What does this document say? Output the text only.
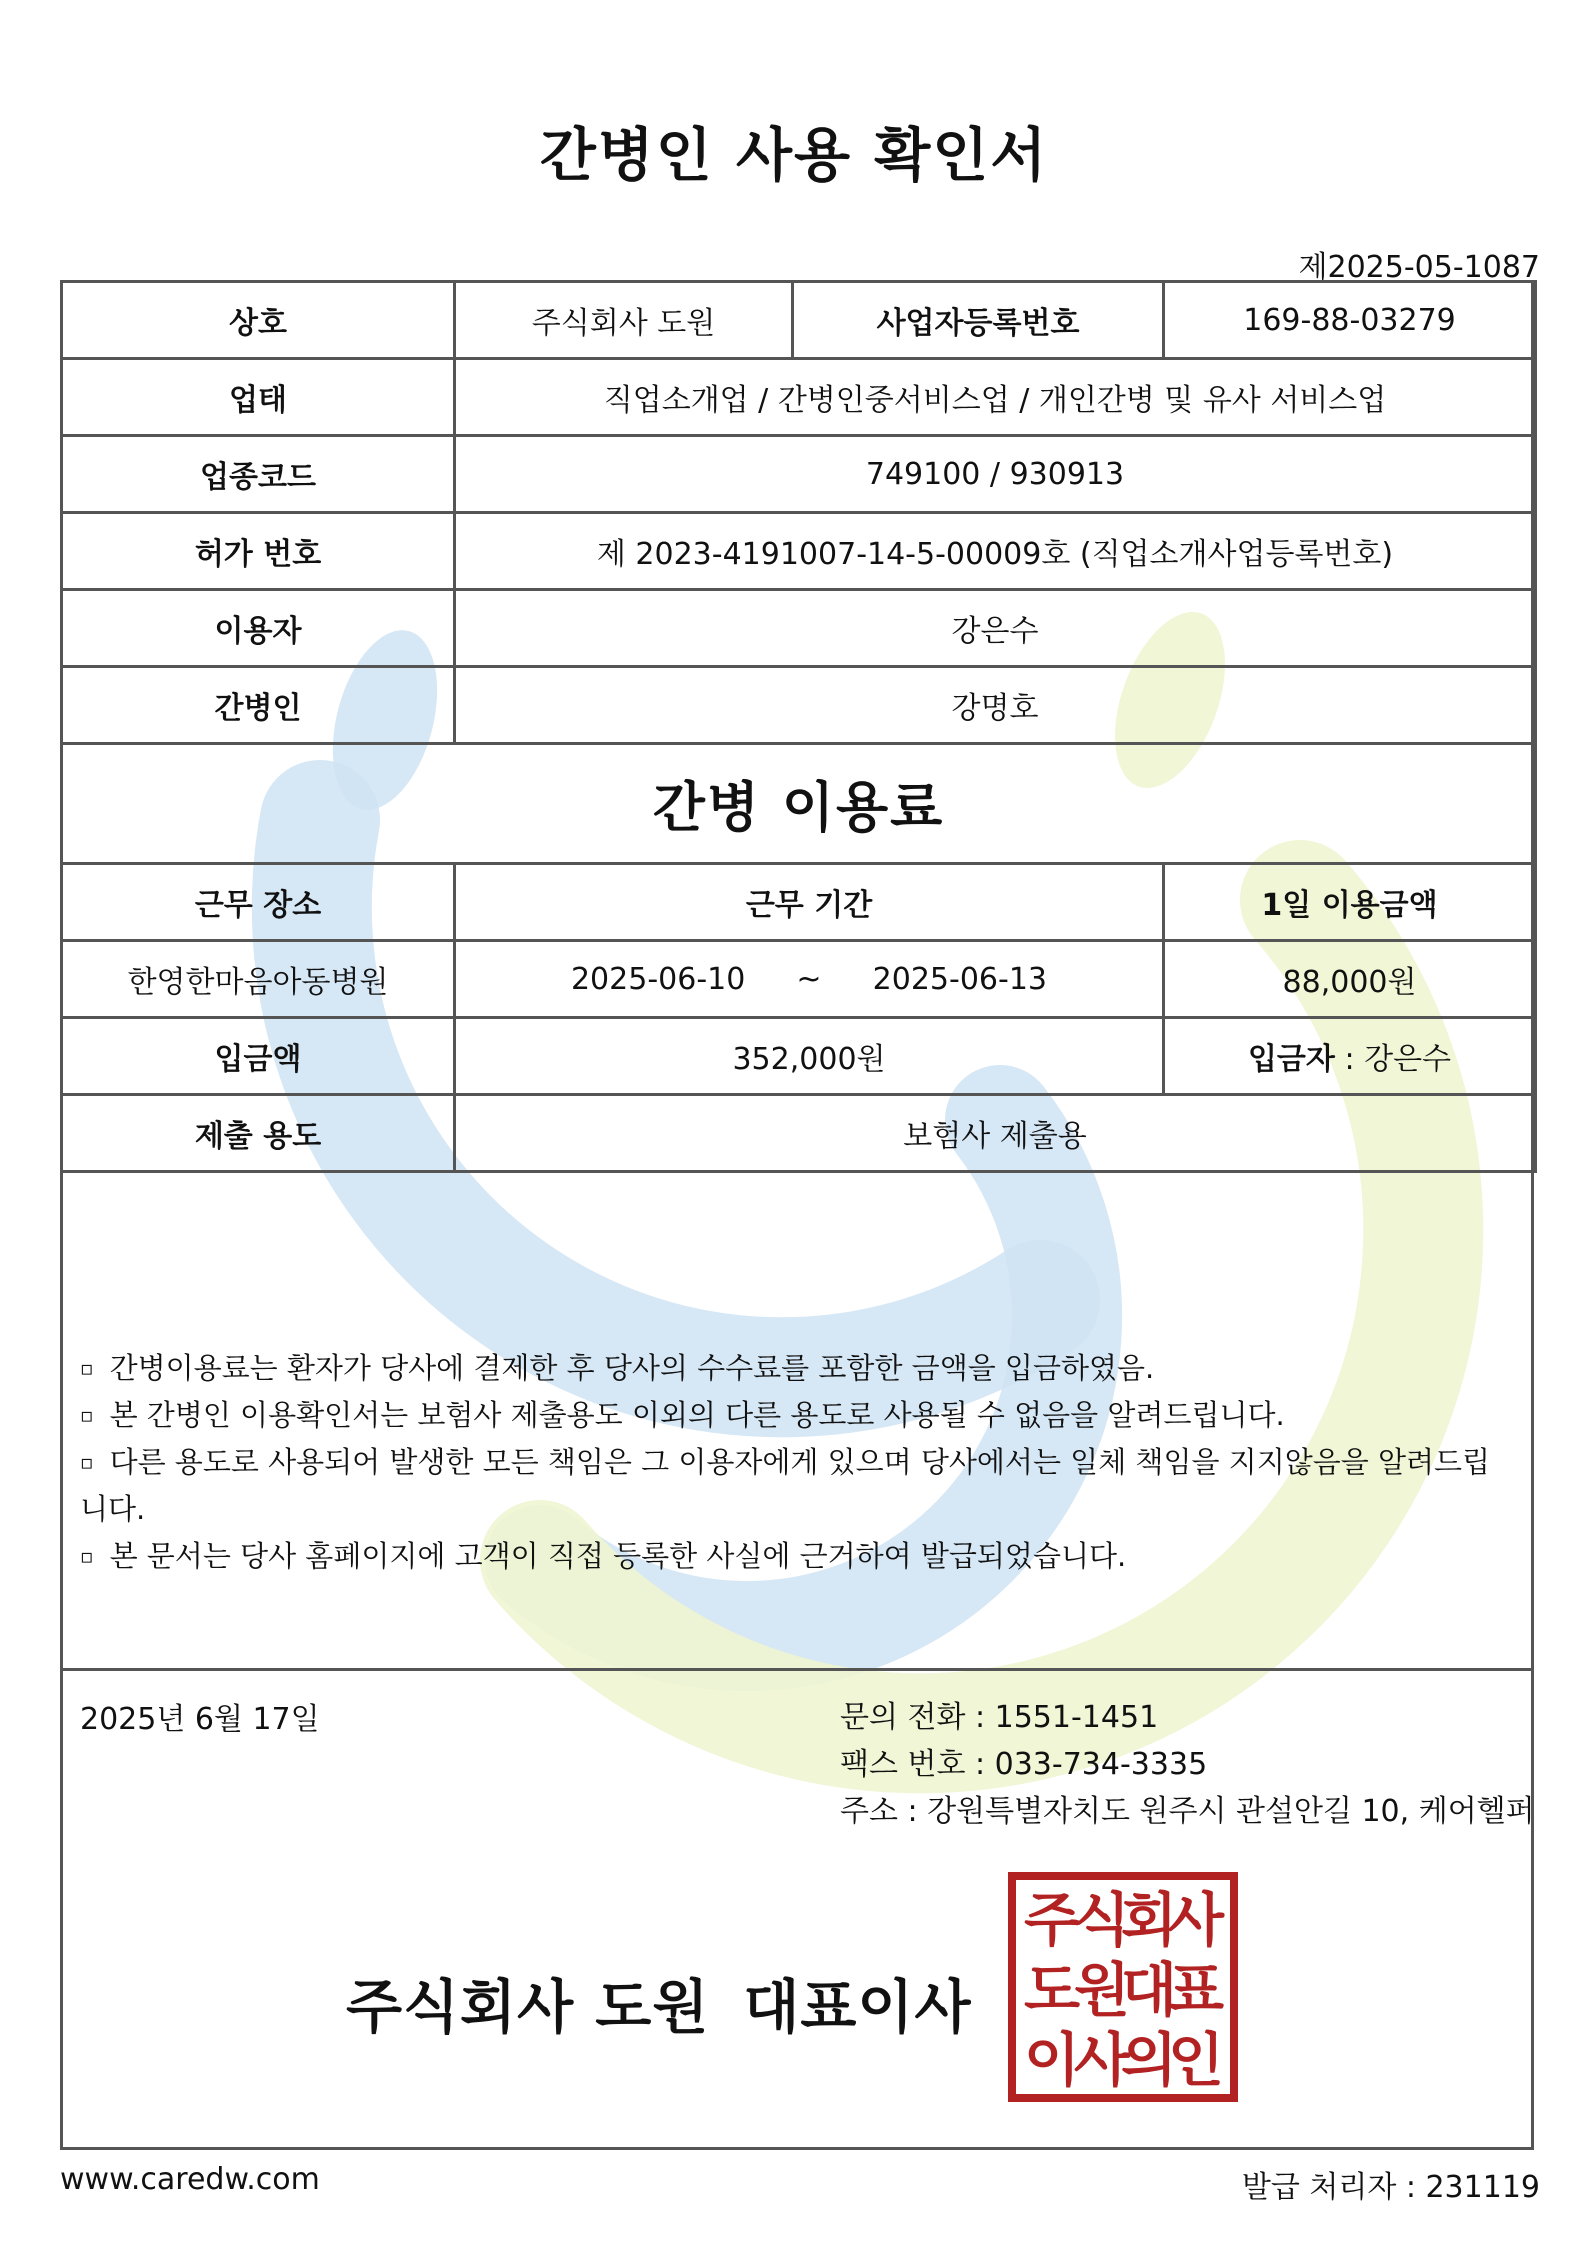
간병인 사용 확인서
제2025-05-1087
상호	주식회사 도원	사업자등록번호	169-88-03279
업태	직업소개업 / 간병인중서비스업 / 개인간병 및 유사 서비스업		
업종코드	749100 / 930913		
허가 번호	제 2023-4191007-14-5-00009호 (직업소개사업등록번호)		
이용자	강은수		
간병인	강명호		
간병 이용료			
근무 장소	근무 기간		1일 이용금액
한영한마음아동병원	2025-06-10 ~ 2025-06-13		88,000원
입금액	352,000원		입금자 : 강은수
제출 용도	보험사 제출용		

▫ 간병이용료는 환자가 당사에 결제한 후 당사의 수수료를 포함한 금액을 입금하였음.

▫ 본 간병인 이용확인서는 보험사 제출용도 이외의 다른 용도로 사용될 수 없음을 알려드립니다.

▫ 다른 용도로 사용되어 발생한 모든 책임은 그 이용자에게 있으며 당사에서는 일체 책임을 지지않음을 알려드립니다.

▫ 본 문서는 당사 홈페이지에 고객이 직접 등록한 사실에 근거하여 발급되었습니다.

2025년 6월 17일	문의 전화 : 1551-1451
팩스 번호 : 033-734-3335
주소 : 강원특별자치도 원주시 관설안길 10, 케어헬퍼
주식회사 도원 대표이사
주
식
회
사
도
원
대
표
이
사
의
인
www.caredw.com	발급 처리자 : 231119
